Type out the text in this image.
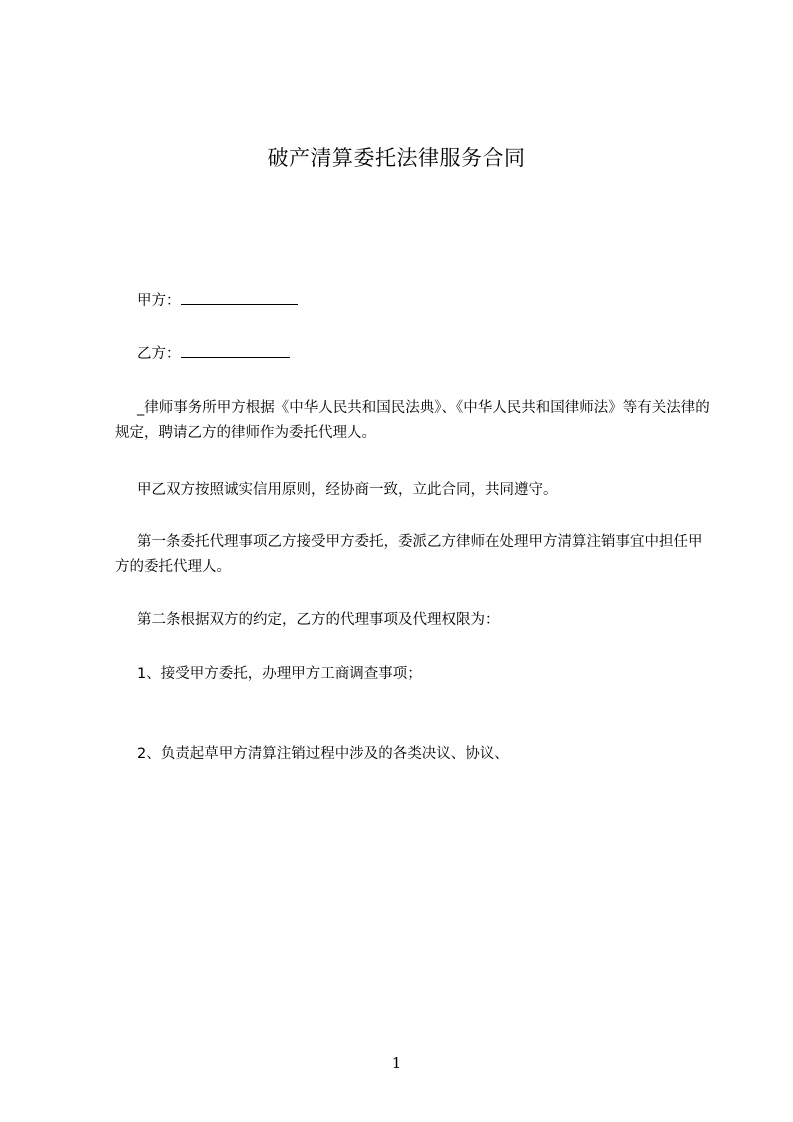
破产清算委托法律服务合同
甲方：
乙方：
_律师事务所甲方根据《中华人民共和国民法典》、《中华人民共和国律师法》等有关法律的规定，聘请乙方的律师作为委托代理人。
甲乙双方按照诚实信用原则，经协商一致，立此合同，共同遵守。
第一条委托代理事项乙方接受甲方委托，委派乙方律师在处理甲方清算注销事宜中担任甲方的委托代理人。
第二条根据双方的约定，乙方的代理事项及代理权限为：
1、接受甲方委托，办理甲方工商调查事项；
2、负责起草甲方清算注销过程中涉及的各类决议、协议、
1
